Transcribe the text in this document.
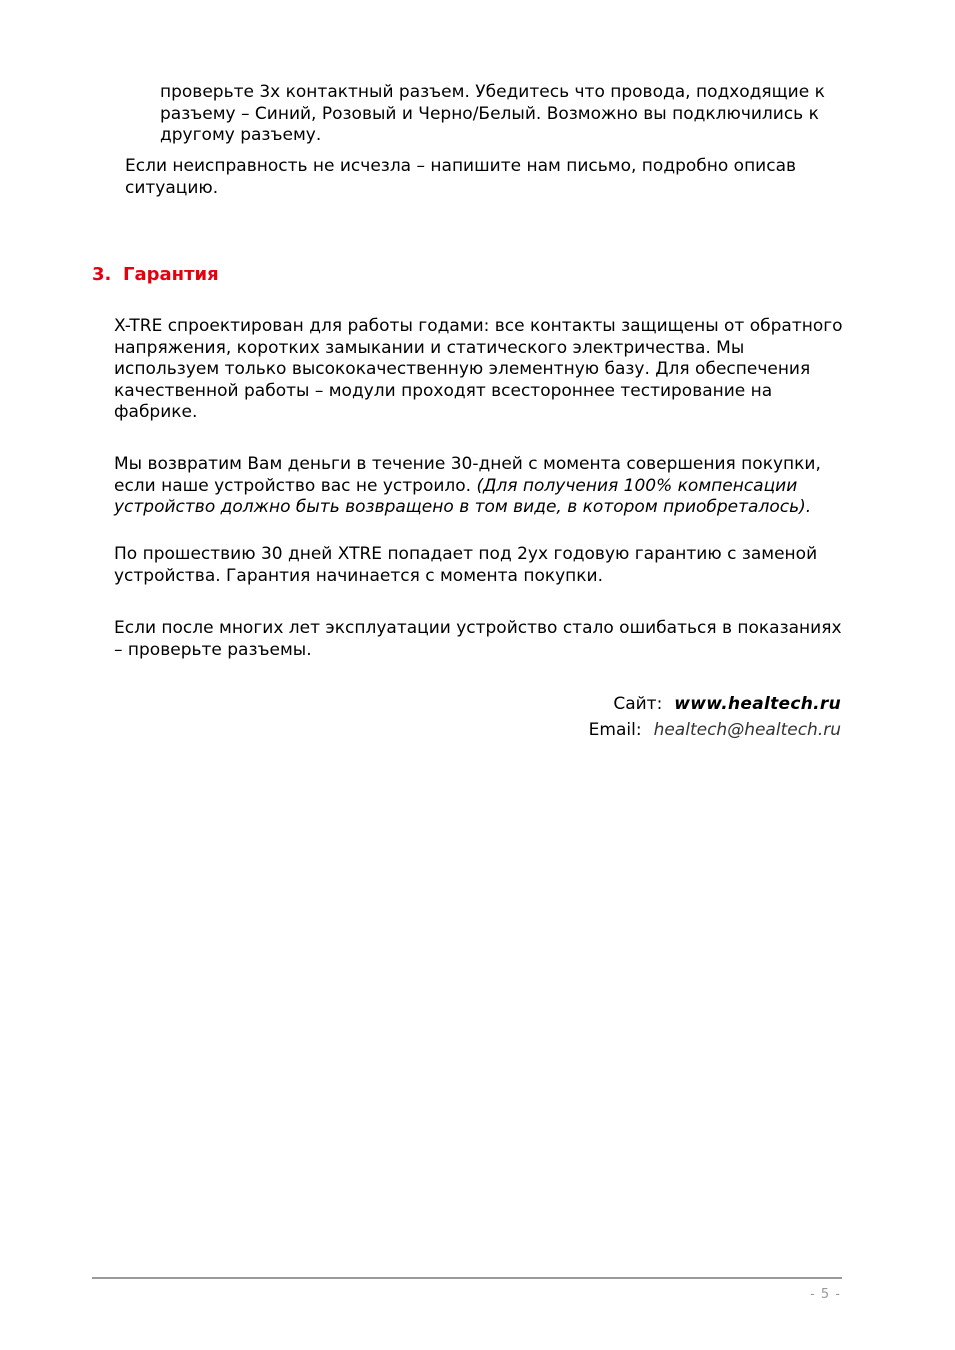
проверьте 3х контактный разъем. Убедитесь что провода, подходящие к разъему – Синий, Розовый и Черно/Белый. Возможно вы подключились к другому разъему.

Если неисправность не исчезла – напишите нам письмо, подробно описав ситуацию.

3. Гарантия

X-TRE спроектирован для работы годами: все контакты защищены от обратного напряжения, коротких замыкании и статического электричества. Мы используем только высококачественную элементную базу. Для обеспечения качественной работы – модули проходят всестороннее тестирование на фабрике.

Мы возвратим Вам деньги в течение 30-дней с момента совершения покупки, если наше устройство вас не устроило. (Для получения 100% компенсации устройство должно быть возвращено в том виде, в котором приобреталось).

По прошествию 30 дней XTRE попадает под 2ух годовую гарантию с заменой устройства. Гарантия начинается с момента покупки.

Если после многих лет эксплуатации устройство стало ошибаться в показаниях – проверьте разъемы.

Сайт: www.healtech.ru
Email: healtech@healtech.ru
- 5 -
